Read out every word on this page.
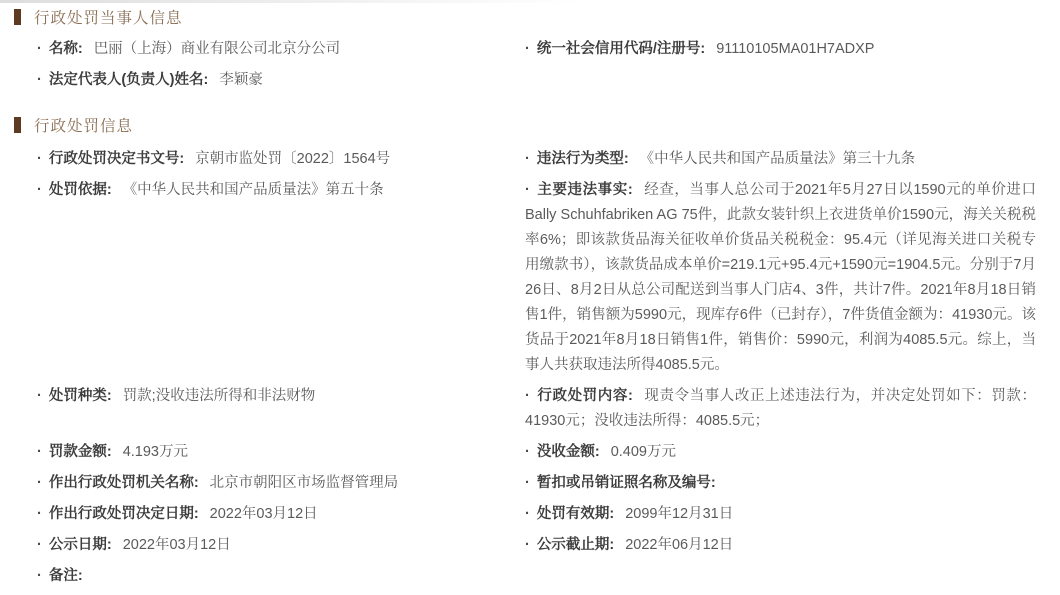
行政处罚当事人信息
· 名称: 巴丽（上海）商业有限公司北京分公司	· 统一社会信用代码/注册号: 91110105MA01H7ADXP
· 法定代表人(负责人)姓名: 李颖豪
行政处罚信息
· 行政处罚决定书文号: 京朝市监处罚〔2022〕1564号	· 违法行为类型: 《中华人民共和国产品质量法》第三十九条
· 处罚依据: 《中华人民共和国产品质量法》第五十条	· 主要违法事实: 经查，当事人总公司于2021年5月27日以1590元的单价进口Bally Schuhfabriken AG 75件，此款女装针织上衣进货单价1590元，海关关税税率6%；即该款货品海关征收单价货品关税税金：95.4元（详见海关进口关税专用缴款书），该款货品成本单价=219.1元+95.4元+1590元=1904.5元。分别于7月26日、8月2日从总公司配送到当事人门店4、3件，共计7件。2021年8月18日销售1件，销售额为5990元，现库存6件（已封存），7件货值金额为：41930元。该货品于2021年8月18日销售1件，销售价：5990元，利润为4085.5元。综上，当事人共获取违法所得4085.5元。
· 处罚种类: 罚款;没收违法所得和非法财物	· 行政处罚内容: 现责令当事人改正上述违法行为，并决定处罚如下：罚款：41930元；没收违法所得：4085.5元；
· 罚款金额: 4.193万元	· 没收金额: 0.409万元
· 作出行政处罚机关名称: 北京市朝阳区市场监督管理局	· 暂扣或吊销证照名称及编号:
· 作出行政处罚决定日期: 2022年03月12日	· 处罚有效期: 2099年12月31日
· 公示日期: 2022年03月12日	· 公示截止期: 2022年06月12日
· 备注:
